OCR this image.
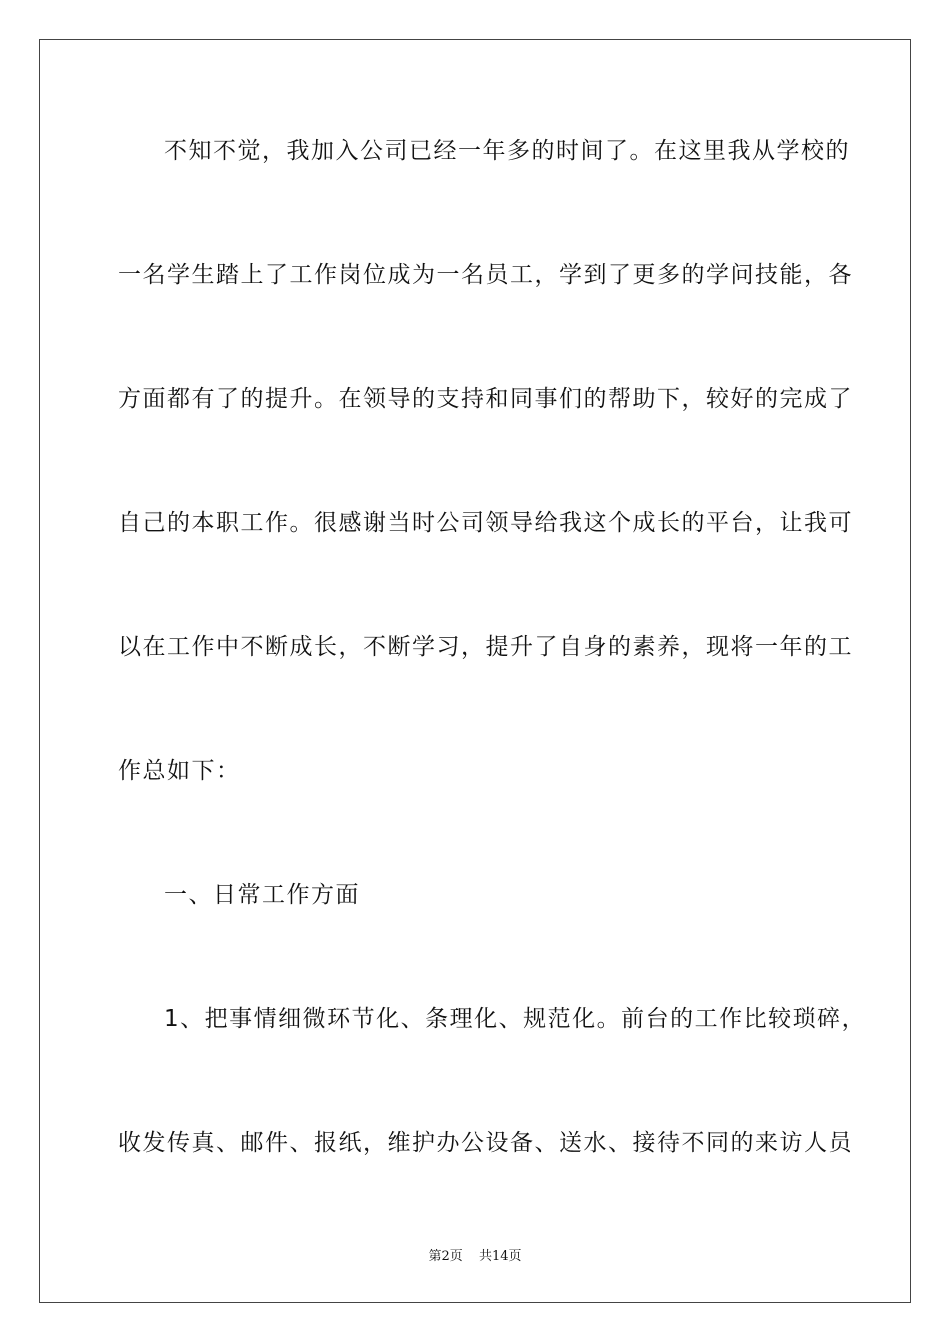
不知不觉，我加入公司已经一年多的时间了。在这里我从学校的
一名学生踏上了工作岗位成为一名员工，学到了更多的学问技能，各
方面都有了的提升。在领导的支持和同事们的帮助下，较好的完成了
自己的本职工作。很感谢当时公司领导给我这个成长的平台，让我可
以在工作中不断成长，不断学习，提升了自身的素养，现将一年的工
作总如下：
一、日常工作方面
1、把事情细微环节化、条理化、规范化。前台的工作比较琐碎，
收发传真、邮件、报纸，维护办公设备、送水、接待不同的来访人员
第2页 共14页
